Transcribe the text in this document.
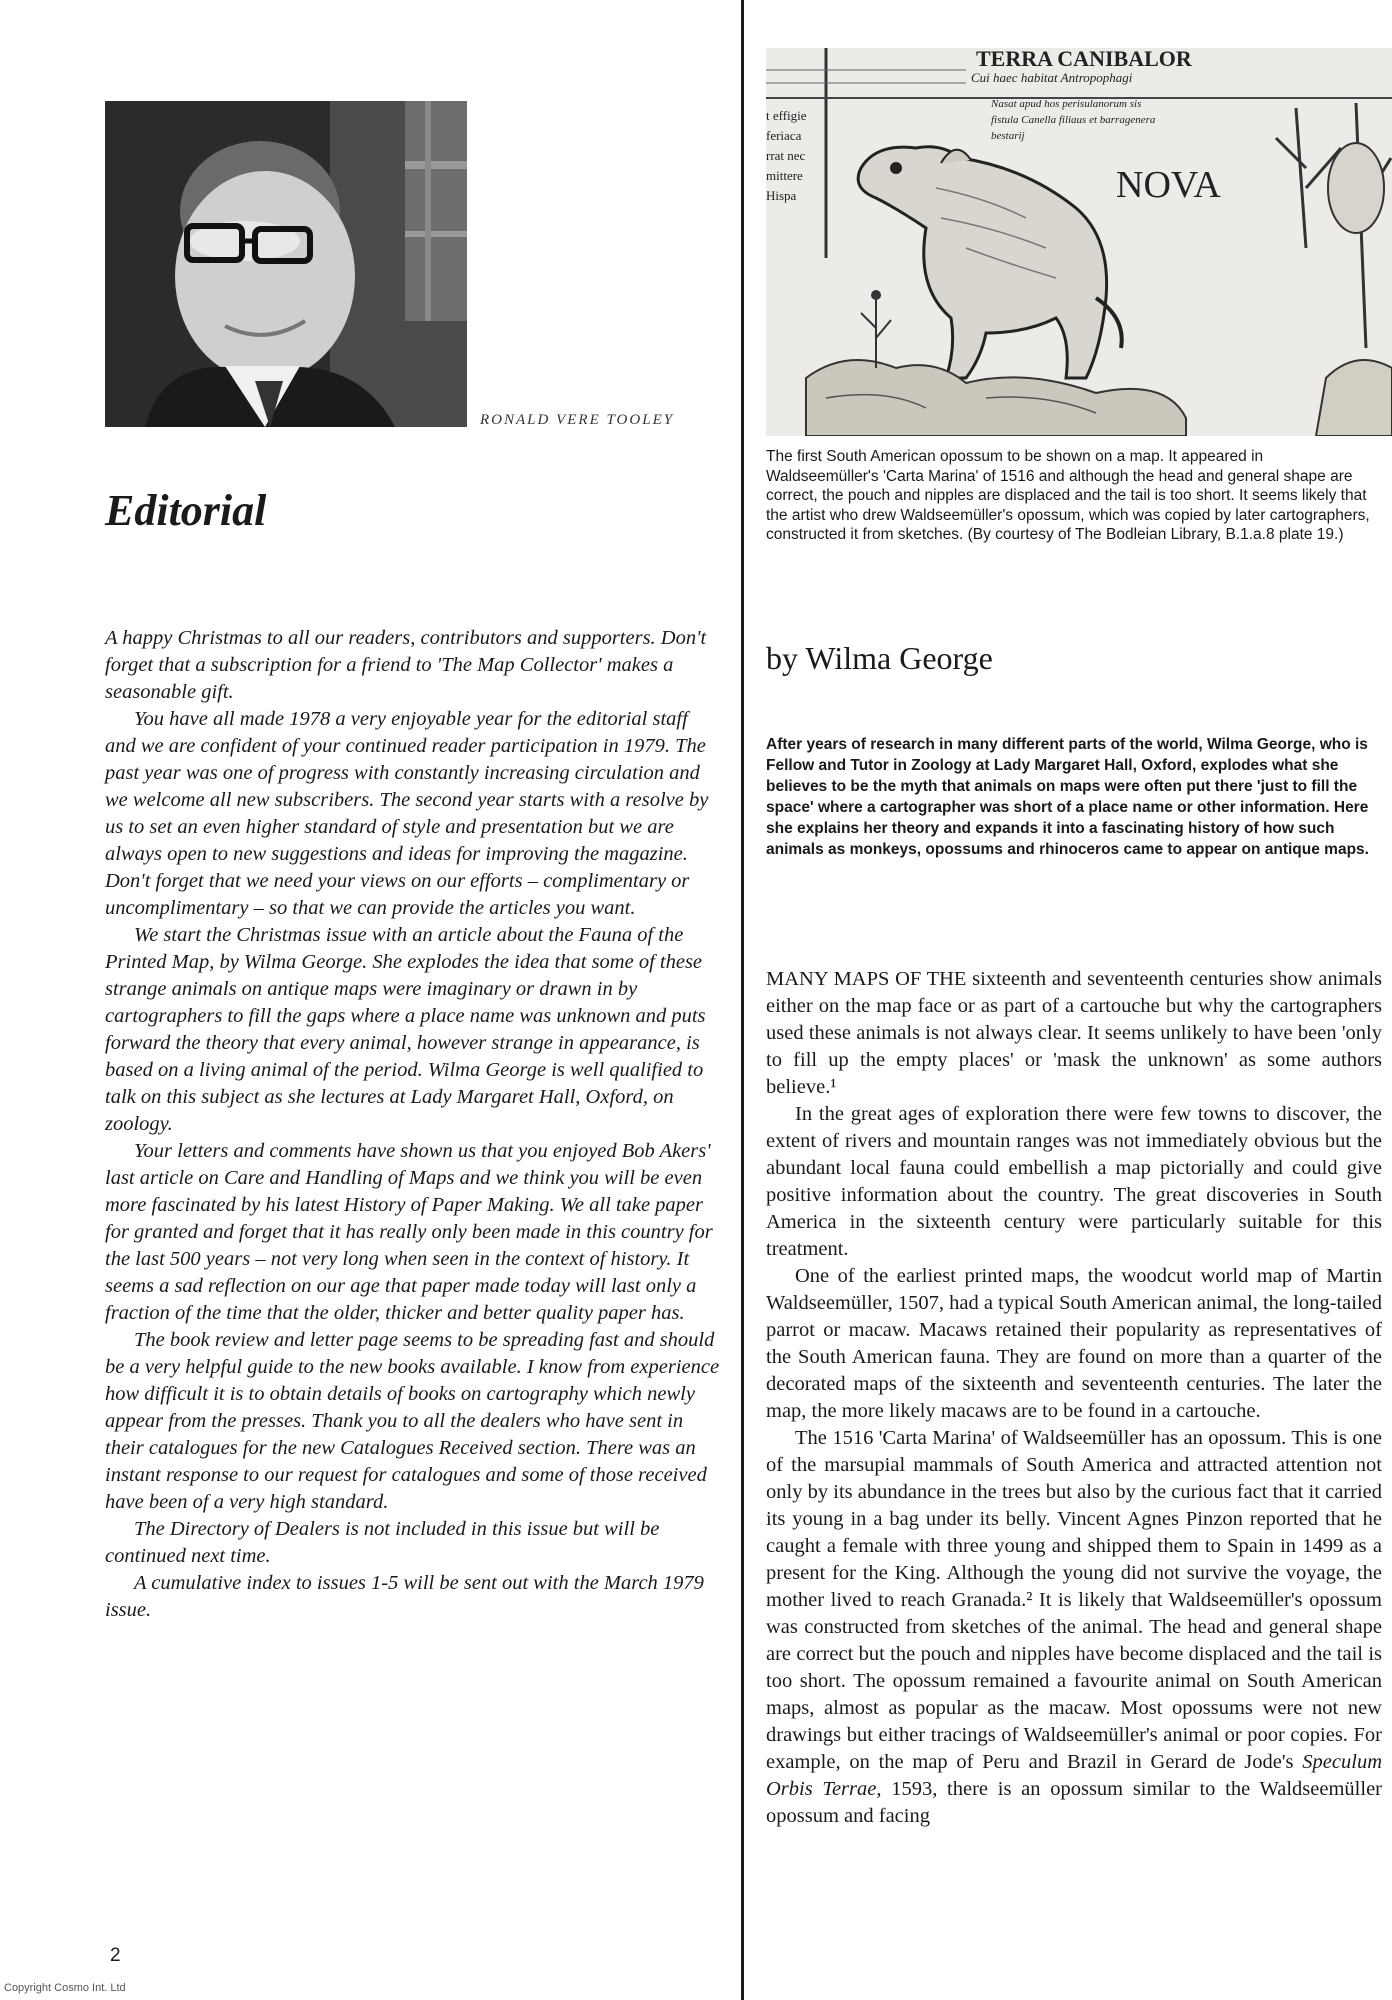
RONALD VERE TOOLEY
Editorial

A happy Christmas to all our readers, contributors and supporters. Don't forget that a subscription for a friend to 'The Map Collector' makes a seasonable gift.

You have all made 1978 a very enjoyable year for the editorial staff and we are confident of your continued reader participation in 1979. The past year was one of progress with constantly increasing circulation and we welcome all new subscribers. The second year starts with a resolve by us to set an even higher standard of style and presentation but we are always open to new suggestions and ideas for improving the magazine. Don't forget that we need your views on our efforts – complimentary or uncomplimentary – so that we can provide the articles you want.

We start the Christmas issue with an article about the Fauna of the Printed Map, by Wilma George. She explodes the idea that some of these strange animals on antique maps were imaginary or drawn in by cartographers to fill the gaps where a place name was unknown and puts forward the theory that every animal, however strange in appearance, is based on a living animal of the period. Wilma George is well qualified to talk on this subject as she lectures at Lady Margaret Hall, Oxford, on zoology.

Your letters and comments have shown us that you enjoyed Bob Akers' last article on Care and Handling of Maps and we think you will be even more fascinated by his latest History of Paper Making. We all take paper for granted and forget that it has really only been made in this country for the last 500 years – not very long when seen in the context of history. It seems a sad reflection on our age that paper made today will last only a fraction of the time that the older, thicker and better quality paper has.

The book review and letter page seems to be spreading fast and should be a very helpful guide to the new books available. I know from experience how difficult it is to obtain details of books on cartography which newly appear from the presses. Thank you to all the dealers who have sent in their catalogues for the new Catalogues Received section. There was an instant response to our request for catalogues and some of those received have been of a very high standard.

The Directory of Dealers is not included in this issue but will be continued next time.

A cumulative index to issues 1-5 will be sent out with the March 1979 issue.

2
Copyright Cosmo Int. Ltd
TERRA CANIBALOR
Cui haec habitat Antropophagi
Nasat apud hos perisulanorum sis
fistula Canella filiaus et barragenera
bestarij
NOVA
t effigie
feriaca
rrat nec
mittere
Hispa
The first South American opossum to be shown on a map. It appeared in Waldseemüller's 'Carta Marina' of 1516 and although the head and general shape are correct, the pouch and nipples are displaced and the tail is too short. It seems likely that the artist who drew Waldseemüller's opossum, which was copied by later cartographers, constructed it from sketches. (By courtesy of The Bodleian Library, B.1.a.8 plate 19.)
by Wilma George
After years of research in many different parts of the world, Wilma George, who is Fellow and Tutor in Zoology at Lady Margaret Hall, Oxford, explodes what she believes to be the myth that animals on maps were often put there 'just to fill the space' where a cartographer was short of a place name or other information. Here she explains her theory and expands it into a fascinating history of how such animals as monkeys, opossums and rhinoceros came to appear on antique maps.

MANY MAPS OF THE sixteenth and seventeenth centuries show animals either on the map face or as part of a cartouche but why the cartographers used these animals is not always clear. It seems unlikely to have been 'only to fill up the empty places' or 'mask the unknown' as some authors believe.¹

In the great ages of exploration there were few towns to discover, the extent of rivers and mountain ranges was not immediately obvious but the abundant local fauna could embellish a map pictorially and could give positive information about the country. The great discoveries in South America in the sixteenth century were particularly suitable for this treatment.

One of the earliest printed maps, the woodcut world map of Martin Waldseemüller, 1507, had a typical South American animal, the long-tailed parrot or macaw. Macaws retained their popularity as representatives of the South American fauna. They are found on more than a quarter of the decorated maps of the sixteenth and seventeenth centuries. The later the map, the more likely macaws are to be found in a cartouche.

The 1516 'Carta Marina' of Waldseemüller has an opossum. This is one of the marsupial mammals of South America and attracted attention not only by its abundance in the trees but also by the curious fact that it carried its young in a bag under its belly. Vincent Agnes Pinzon reported that he caught a female with three young and shipped them to Spain in 1499 as a present for the King. Although the young did not survive the voyage, the mother lived to reach Granada.² It is likely that Waldseemüller's opossum was constructed from sketches of the animal. The head and general shape are correct but the pouch and nipples have become displaced and the tail is too short. The opossum remained a favourite animal on South American maps, almost as popular as the macaw. Most opossums were not new drawings but either tracings of Waldseemüller's animal or poor copies. For example, on the map of Peru and Brazil in Gerard de Jode's Speculum Orbis Terrae, 1593, there is an opossum similar to the Waldseemüller opossum and facing
